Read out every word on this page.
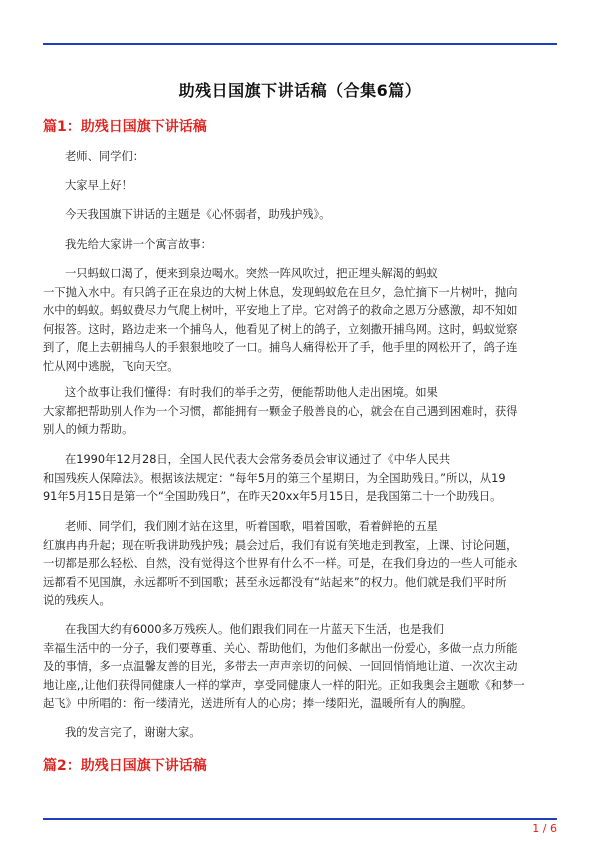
助残日国旗下讲话稿（合集6篇）
篇1：助残日国旗下讲话稿
老师、同学们：
大家早上好！
今天我国旗下讲话的主题是《心怀弱者，助残护残》。
我先给大家讲一个寓言故事：
一只蚂蚁口渴了，便来到泉边喝水。突然一阵风吹过，把正埋头解渴的蚂蚁
一下抛入水中。有只鸽子正在泉边的大树上休息，发现蚂蚁危在旦夕，急忙摘下一片树叶，抛向
水中的蚂蚁。蚂蚁费尽力气爬上树叶，平安地上了岸。它对鸽子的救命之恩万分感激，却不知如
何报答。这时，路边走来一个捕鸟人，他看见了树上的鸽子，立刻撒开捕鸟网。这时，蚂蚁觉察
到了，爬上去朝捕鸟人的手狠狠地咬了一口。捕鸟人痛得松开了手，他手里的网松开了，鸽子连
忙从网中逃脱，飞向天空。
这个故事让我们懂得：有时我们的举手之劳，便能帮助他人走出困境。如果
大家都把帮助别人作为一个习惯，都能拥有一颗金子般善良的心，就会在自己遇到困难时，获得
别人的倾力帮助。
在1990年12月28日，全国人民代表大会常务委员会审议通过了《中华人民共
和国残疾人保障法》。根据该法规定：“每年5月的第三个星期日，为全国助残日。”所以，从19
91年5月15日是第一个“全国助残日”，在昨天20xx年5月15日，是我国第二十一个助残日。
老师、同学们，我们刚才站在这里，听着国歌，唱着国歌，看着鲜艳的五星
红旗冉冉升起；现在听我讲助残护残；晨会过后，我们有说有笑地走到教室，上课、讨论问题，
一切都是那么轻松、自然，没有觉得这个世界有什么不一样。可是，在我们身边的一些人可能永
远都看不见国旗，永远都听不到国歌；甚至永远都没有“站起来”的权力。他们就是我们平时所
说的残疾人。
在我国大约有6000多万残疾人。他们跟我们同在一片蓝天下生活，也是我们
幸福生活中的一分子，我们要尊重、关心、帮助他们，为他们多献出一份爱心，多做一点力所能
及的事情，多一点温馨友善的目光，多带去一声声亲切的问候、一回回悄悄地让道、一次次主动
地让座,,让他们获得同健康人一样的掌声，享受同健康人一样的阳光。正如我奥会主题歌《和梦一
起飞》中所唱的：衔一缕清光，送进所有人的心房；捧一缕阳光，温暖所有人的胸膛。
我的发言完了，谢谢大家。
篇2：助残日国旗下讲话稿
1 / 6
